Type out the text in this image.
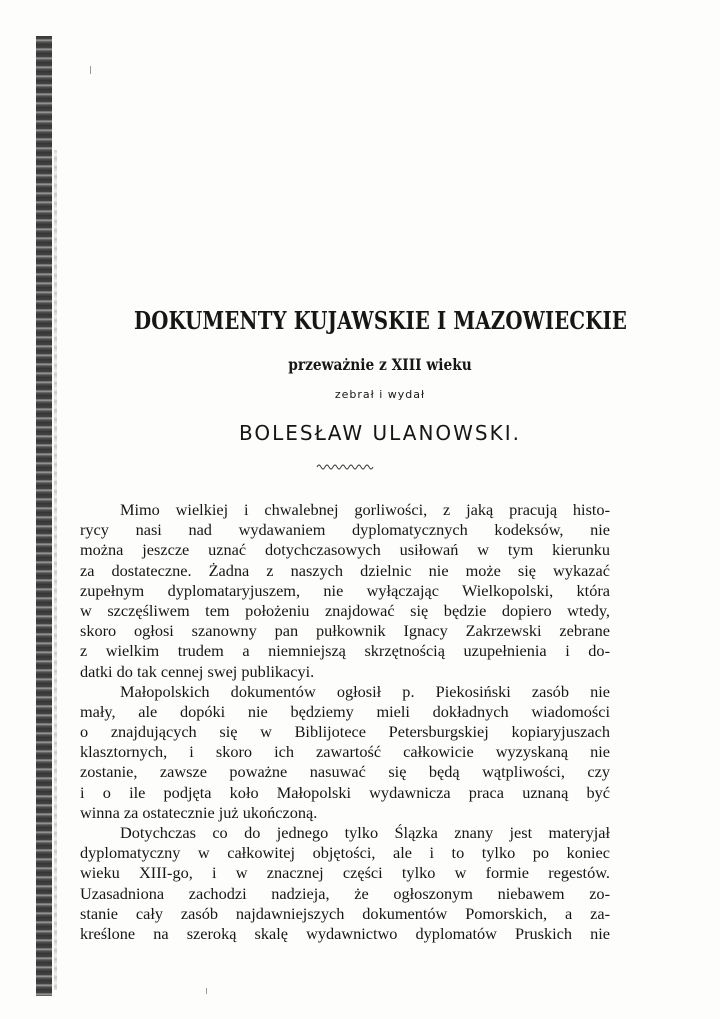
DOKUMENTY KUJAWSKIE I MAZOWIECKIE
przeważnie z XIII wieku
zebrał i wydał
BOLESŁAW ULANOWSKI.
Mimo wielkiej i chwalebnej gorliwości, z jaką pracują histo-
rycy nasi nad wydawaniem dyplomatycznych kodeksów, nie
można jeszcze uznać dotychczasowych usiłowań w tym kierunku
za dostateczne. Żadna z naszych dzielnic nie może się wykazać
zupełnym dyplomataryjuszem, nie wyłączając Wielkopolski, która
w szczęśliwem tem położeniu znajdować się będzie dopiero wtedy,
skoro ogłosi szanowny pan pułkownik Ignacy Zakrzewski zebrane
z wielkim trudem a niemniejszą skrzętnością uzupełnienia i do-
datki do tak cennej swej publikacyi.
Małopolskich dokumentów ogłosił p. Piekosiński zasób nie
mały, ale dopóki nie będziemy mieli dokładnych wiadomości
o znajdujących się w Biblijotece Petersburgskiej kopiaryjuszach
klasztornych, i skoro ich zawartość całkowicie wyzyskaną nie
zostanie, zawsze poważne nasuwać się będą wątpliwości, czy
i o ile podjęta koło Małopolski wydawnicza praca uznaną być
winna za ostatecznie już ukończoną.
Dotychczas co do jednego tylko Ślązka znany jest materyjał
dyplomatyczny w całkowitej objętości, ale i to tylko po koniec
wieku XIII-go, i w znacznej części tylko w formie regestów.
Uzasadniona zachodzi nadzieja, że ogłoszonym niebawem zo-
stanie cały zasób najdawniejszych dokumentów Pomorskich, a za-
kreślone na szeroką skalę wydawnictwo dyplomatów Pruskich nie
